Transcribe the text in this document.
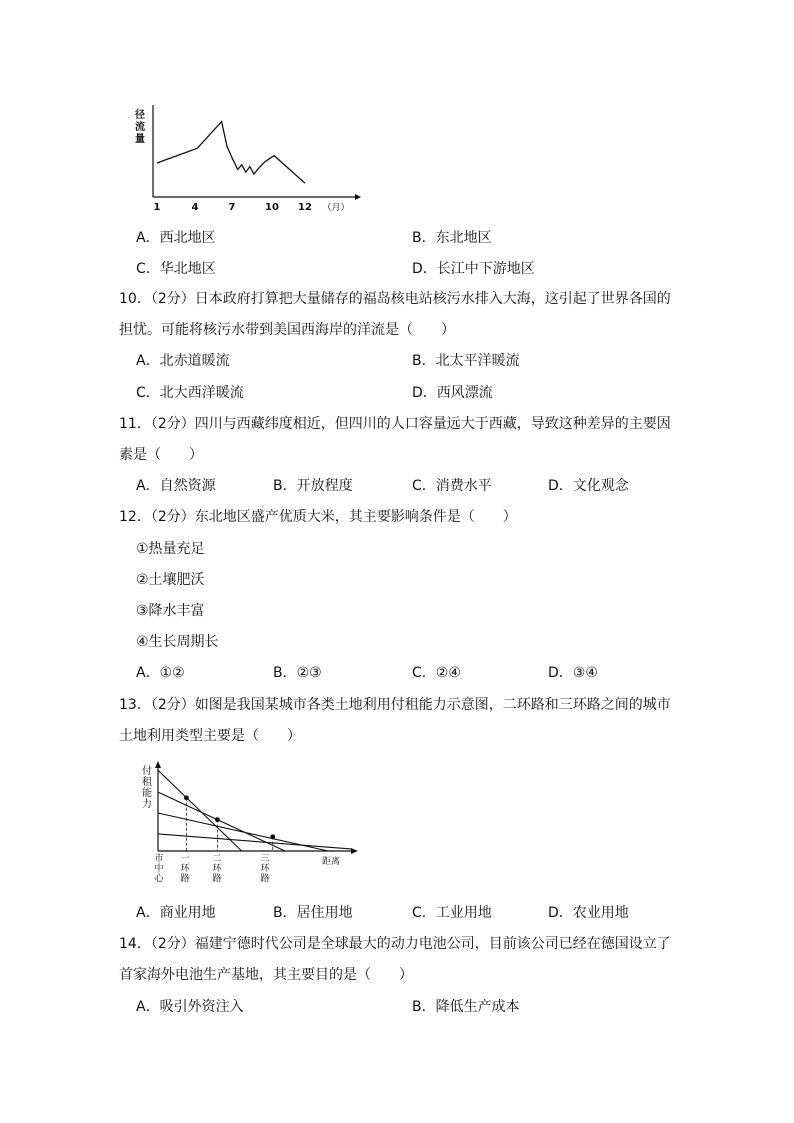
径
流
量
1	4	7	10 12 （月）
A．西北地区	B．东北地区
C．华北地区	D．长江中下游地区
10．（2分）日本政府打算把大量储存的福岛核电站核污水排入大海，这引起了世界各国的
担忧。可能将核污水带到美国西海岸的洋流是（　　）
A．北赤道暖流	B．北太平洋暖流
C．北大西洋暖流	D．西风漂流
11．（2分）四川与西藏纬度相近，但四川的人口容量远大于西藏，导致这种差异的主要因
素是（　　）
A．自然资源	B．开放程度	C．消费水平	D．文化观念
12．（2分）东北地区盛产优质大米，其主要影响条件是（　　）
①热量充足
②土壤肥沃
③降水丰富
④生长周期长
A．①②	B．②③	C．②④	D．③④
13．（2分）如图是我国某城市各类土地利用付租能力示意图，二环路和三环路之间的城市
土地利用类型主要是（　　）
付
租
能
力
市
中
心
一
环
路
二
环
路
三
环
路
距离
A．商业用地	B．居住用地	C．工业用地	D．农业用地
14．（2分）福建宁德时代公司是全球最大的动力电池公司，目前该公司已经在德国设立了
首家海外电池生产基地，其主要目的是（　　）
A．吸引外资注入	B．降低生产成本
